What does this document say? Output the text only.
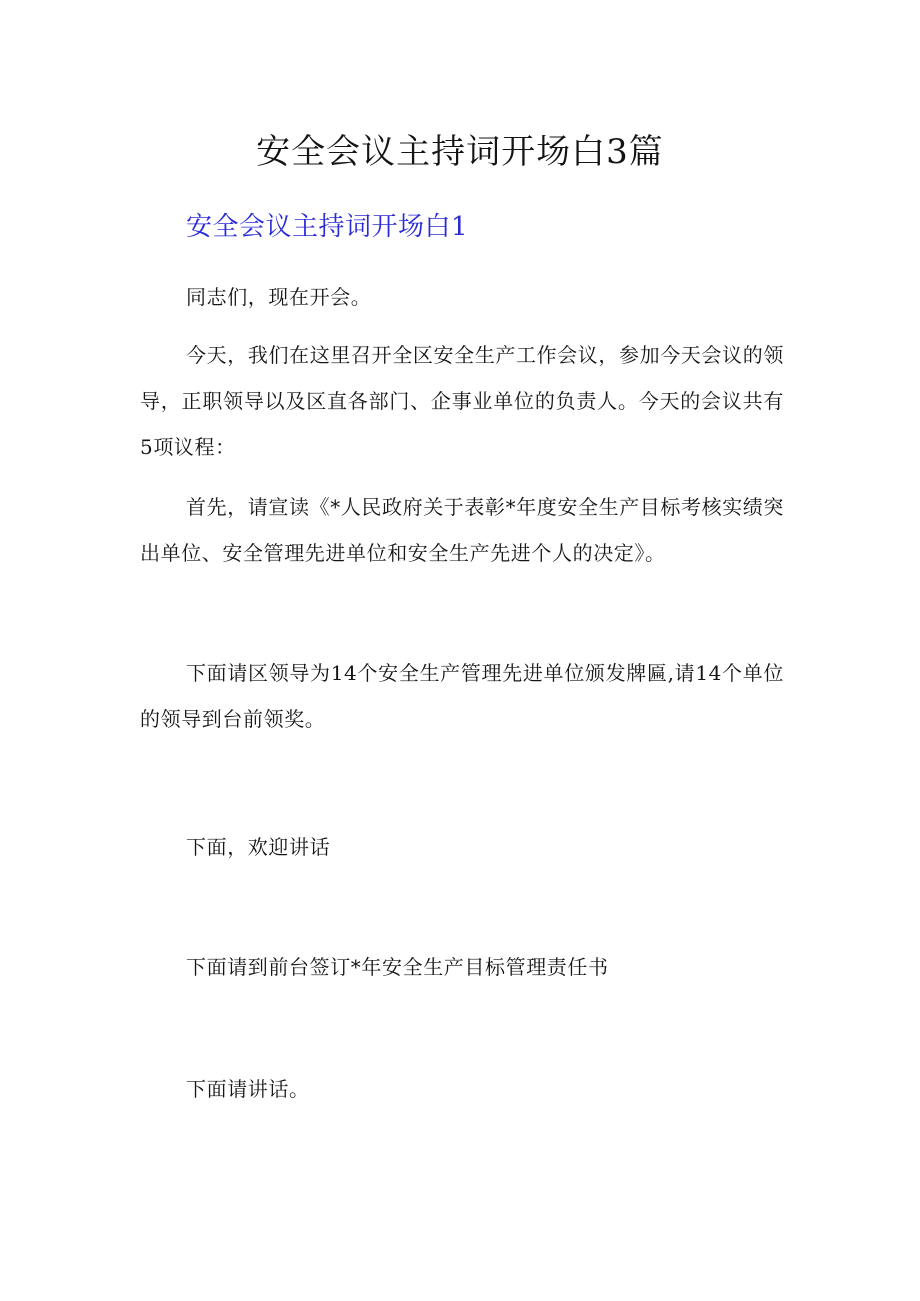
安全会议主持词开场白3篇
安全会议主持词开场白1

同志们，现在开会。

今天，我们在这里召开全区安全生产工作会议，参加今天会议的领导，正职领导以及区直各部门、企事业单位的负责人。今天的会议共有5项议程：

首先，请宣读《*人民政府关于表彰*年度安全生产目标考核实绩突出单位、安全管理先进单位和安全生产先进个人的决定》。

下面请区领导为14个安全生产管理先进单位颁发牌匾,请14个单位的领导到台前领奖。

下面，欢迎讲话

下面请到前台签订*年安全生产目标管理责任书

下面请讲话。
